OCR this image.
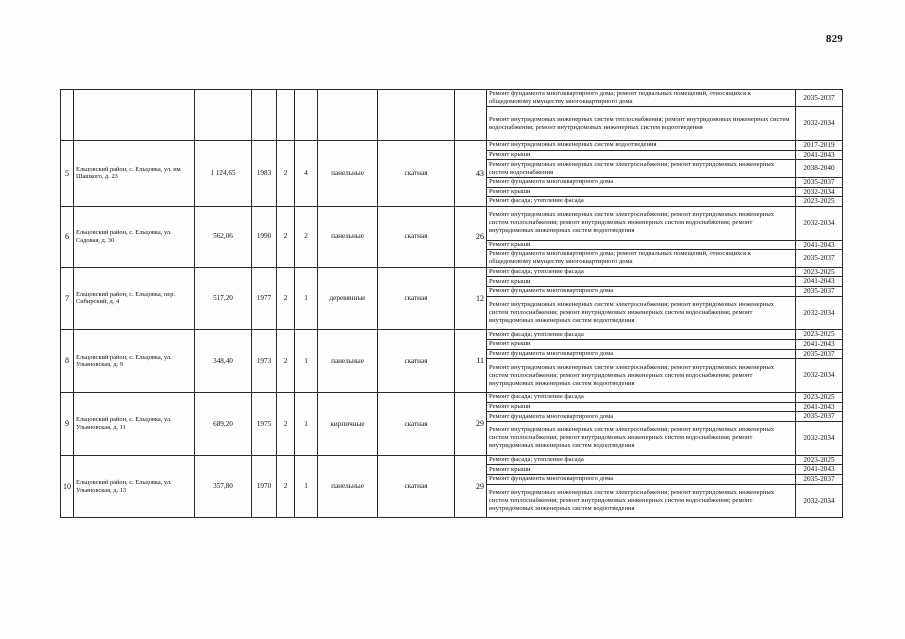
829
									Ремонт фундамента многоквартирного дома; ремонт подвальных помещений, относящихся к общедомовому имуществу многоквартирного дома	2035-2037
									Ремонт внутридомовых инженерных систем теплоснабжения; ремонт внутридомовых инженерных систем водоснабжения; ремонт внутридомовых инженерных систем водоотведения	2032-2034
5	Ельцовский район, с. Ельцовка, ул. им Шашкого, д. 23	1 124,65	1983	2	4	панельные	скатная	43	Ремонт внутридомовых инженерных систем водоотведения	2017-2019
									Ремонт крыши	2041-2043
									Ремонт внутридомовых инженерных систем электроснабжения; ремонт внутридомовых инженерных систем водоснабжения	2038-2040
									Ремонт фундамента многоквартирного дома	2035-2037
									Ремонт крыши	2032-2034
									Ремонт фасада; утепление фасада	2023-2025
6	Ельцовский район, с. Ельцовка, ул. Садовая, д. 30	562,06	1990	2	2	панельные	скатная	26	Ремонт внутридомовых инженерных систем электроснабжения; ремонт внутридомовых инженерных систем теплоснабжения; ремонт внутридомовых инженерных систем водоснабжения; ремонт внутридомовых инженерных систем водоотведения	2032-2034
									Ремонт крыши	2041-2043
									Ремонт фундамента многоквартирного дома; ремонт подвальных помещений, относящихся к общедомовому имуществу многоквартирного дома	2035-2037
7	Ельцовский район, с. Ельцовка, пер. Сибирский, д. 4	517,20	1977	2	1	деревянные	скатная	12	Ремонт фасада; утепление фасада	2023-2025
									Ремонт крыши	2041-2043
									Ремонт фундамента многоквартирного дома	2035-2037
									Ремонт внутридомовых инженерных систем электроснабжения; ремонт внутридомовых инженерных систем теплоснабжения; ремонт внутридомовых инженерных систем водоснабжения; ремонт внутридомовых инженерных систем водоотведения	2032-2034
8	Ельцовский район, с. Ельцовка, ул. Ульяновская, д. 9	348,40	1973	2	1	панельные	скатная	11	Ремонт фасада; утепление фасада	2023-2025
									Ремонт крыши	2041-2043
									Ремонт фундамента многоквартирного дома	2035-2037
									Ремонт внутридомовых инженерных систем электроснабжения; ремонт внутридомовых инженерных систем теплоснабжения; ремонт внутридомовых инженерных систем водоснабжения; ремонт внутридомовых инженерных систем водоотведения	2032-2034
9	Ельцовский район, с. Ельцовка, ул. Ульяновская, д. 11	689,20	1975	2	1	кирпичные	скатная	29	Ремонт фасада; утепление фасада	2023-2025
									Ремонт крыши	2041-2043
									Ремонт фундамента многоквартирного дома	2035-2037
									Ремонт внутридомовых инженерных систем электроснабжения; ремонт внутридомовых инженерных систем теплоснабжения; ремонт внутридомовых инженерных систем водоснабжения; ремонт внутридомовых инженерных систем водоотведения	2032-2034
10	Ельцовский район, с. Ельцовка, ул. Ульяновская, д. 13	357,80	1970	2	1	панельные	скатная	29	Ремонт фасада; утепление фасада	2023-2025
									Ремонт крыши	2041-2043
									Ремонт фундамента многоквартирного дома	2035-2037
									Ремонт внутридомовых инженерных систем электроснабжения; ремонт внутридомовых инженерных систем теплоснабжения; ремонт внутридомовых инженерных систем водоснабжения; ремонт внутридомовых инженерных систем водоотведения	2032-2034
